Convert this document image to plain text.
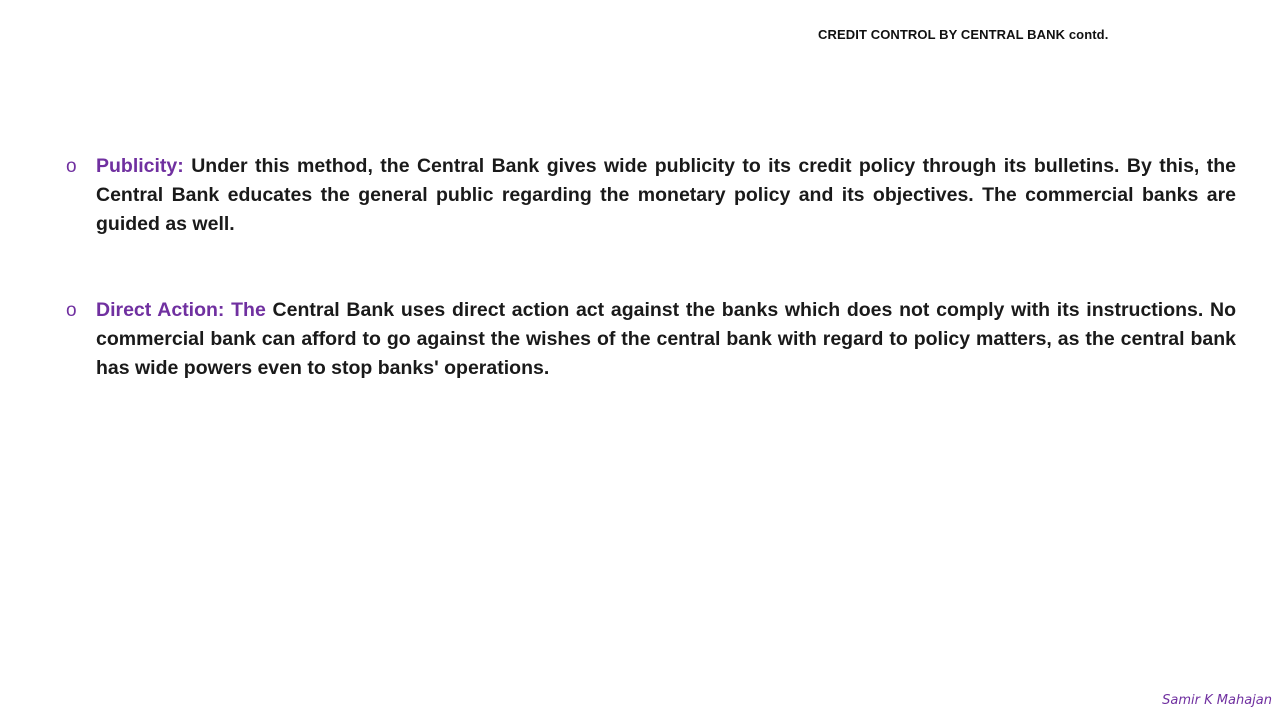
CREDIT CONTROL BY CENTRAL BANK contd.
o Publicity: Under this method, the Central Bank gives wide publicity to its credit policy through its bulletins. By this, the Central Bank educates the general public regarding the monetary policy and its objectives. The commercial banks are guided as well.
o Direct Action: The Central Bank uses direct action act against the banks which does not comply with its instructions. No commercial bank can afford to go against the wishes of the central bank with regard to policy matters, as the central bank has wide powers even to stop banks' operations.
Samir K Mahajan
